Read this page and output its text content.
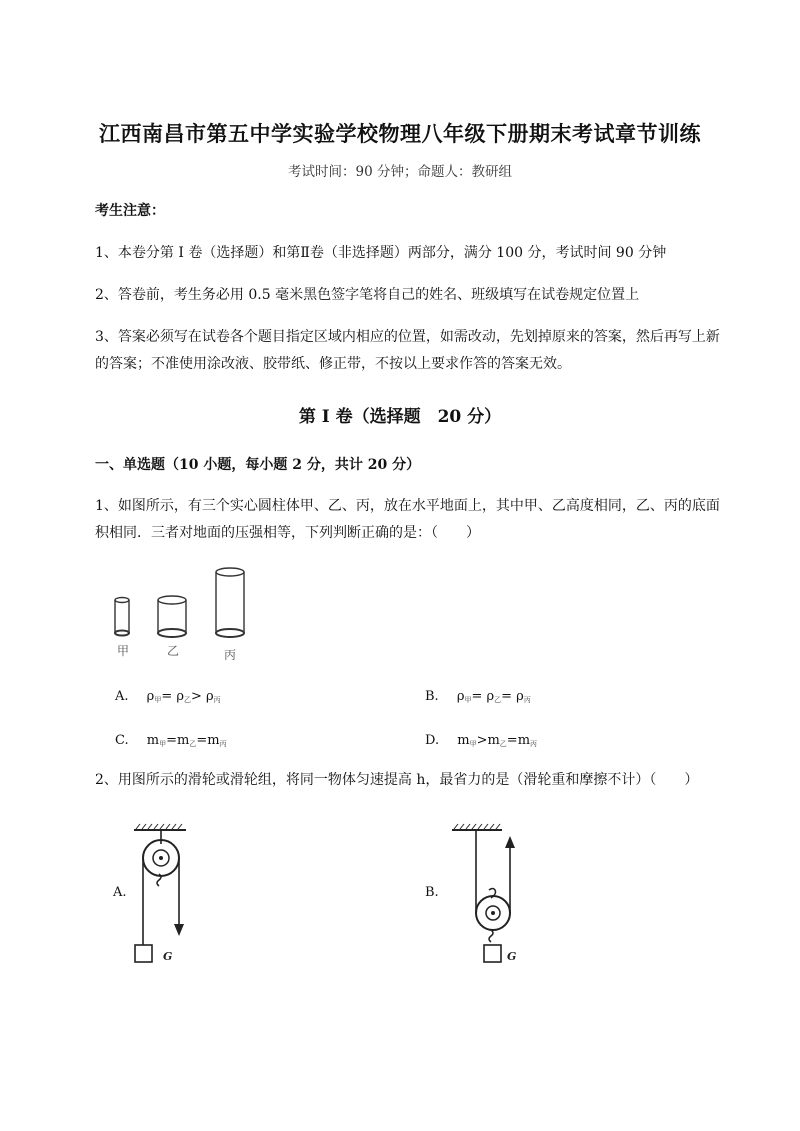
江西南昌市第五中学实验学校物理八年级下册期末考试章节训练
考试时间：90 分钟；命题人：教研组
考生注意：
1、本卷分第 I 卷（选择题）和第Ⅱ卷（非选择题）两部分，满分 100 分，考试时间 90 分钟
2、答卷前，考生务必用 0.5 毫米黑色签字笔将自己的姓名、班级填写在试卷规定位置上
3、答案必须写在试卷各个题目指定区域内相应的位置，如需改动，先划掉原来的答案，然后再写上新
的答案；不准使用涂改液、胶带纸、修正带，不按以上要求作答的答案无效。
第 I 卷（选择题　20 分）
一、单选题（10 小题，每小题 2 分，共计 20 分）
1、如图所示，有三个实心圆柱体甲、乙、丙，放在水平地面上，其中甲、乙高度相同，乙、丙的底面
积相同．三者对地面的压强相等，下列判断正确的是：（　　）
甲	乙	丙
A. $\rho_甲= \rho_乙> \rho_丙$	B. $\rho_甲= \rho_乙= \rho_丙$
C. $m_甲=m_乙=m_丙$	D. $m_甲>m_乙=m_丙$
2、用图所示的滑轮或滑轮组，将同一物体匀速提高 h，最省力的是（滑轮重和摩擦不计）（　　）
A.
G
B.
G
